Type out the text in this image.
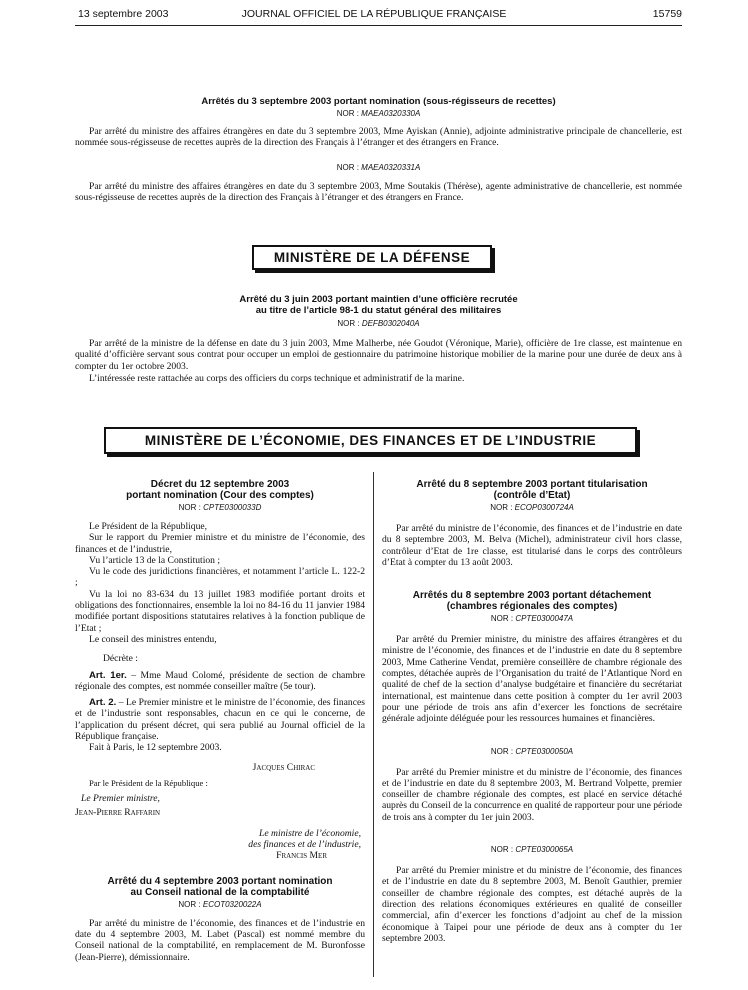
13 septembre 2003	JOURNAL OFFICIEL DE LA RÉPUBLIQUE FRANÇAISE	15759
Arrêtés du 3 septembre 2003 portant nomination (sous-régisseurs de recettes)
NOR : MAEA0320330A

Par arrêté du ministre des affaires étrangères en date du 3 septembre 2003, Mme Ayiskan (Annie), adjointe administrative principale de chancellerie, est nommée sous-régisseuse de recettes auprès de la direction des Français à l’étranger et des étrangers en France.

NOR : MAEA0320331A

Par arrêté du ministre des affaires étrangères en date du 3 septembre 2003, Mme Soutakis (Thérèse), agente administrative de chancellerie, est nommée sous-régisseuse de recettes auprès de la direction des Français à l’étranger et des étrangers en France.

MINISTÈRE DE LA DÉFENSE
Arrêté du 3 juin 2003 portant maintien d’une officière recrutée
au titre de l’article 98-1 du statut général des militaires
NOR : DEFB0302040A

Par arrêté de la ministre de la défense en date du 3 juin 2003, Mme Malherbe, née Goudot (Véronique, Marie), officière de 1re classe, est maintenue en qualité d’officière servant sous contrat pour occuper un emploi de gestionnaire du patrimoine historique mobilier de la marine pour une durée de deux ans à compter du 1er octobre 2003.

L’intéressée reste rattachée au corps des officiers du corps technique et administratif de la marine.

MINISTÈRE DE L’ÉCONOMIE, DES FINANCES ET DE L’INDUSTRIE
Décret du 12 septembre 2003
portant nomination (Cour des comptes)
NOR : CPTE0300033D

Le Président de la République,

Sur le rapport du Premier ministre et du ministre de l’économie, des finances et de l’industrie,

Vu l’article 13 de la Constitution ;

Vu le code des juridictions financières, et notamment l’article L. 122-2 ;

Vu la loi no 83-634 du 13 juillet 1983 modifiée portant droits et obligations des fonctionnaires, ensemble la loi no 84-16 du 11 janvier 1984 modifiée portant dispositions statutaires relatives à la fonction publique de l’Etat ;

Le conseil des ministres entendu,

Décrète :

Art. 1er. – Mme Maud Colomé, présidente de section de chambre régionale des comptes, est nommée conseiller maître (5e tour).

Art. 2. – Le Premier ministre et le ministre de l’économie, des finances et de l’industrie sont responsables, chacun en ce qui le concerne, de l’application du présent décret, qui sera publié au Journal officiel de la République française.

Fait à Paris, le 12 septembre 2003.

Jacques Chirac
Par le Président de la République :
Le Premier ministre,
Jean-Pierre Raffarin
Le ministre de l’économie,
des finances et de l’industrie,
Francis Mer
Arrêté du 4 septembre 2003 portant nomination
au Conseil national de la comptabilité
NOR : ECOT0320022A

Par arrêté du ministre de l’économie, des finances et de l’industrie en date du 4 septembre 2003, M. Labet (Pascal) est nommé membre du Conseil national de la comptabilité, en remplacement de M. Buronfosse (Jean-Pierre), démissionnaire.

Arrêté du 8 septembre 2003 portant titularisation
(contrôle d’Etat)
NOR : ECOP0300724A

Par arrêté du ministre de l’économie, des finances et de l’industrie en date du 8 septembre 2003, M. Belva (Michel), administrateur civil hors classe, contrôleur d’Etat de 1re classe, est titularisé dans le corps des contrôleurs d’Etat à compter du 13 août 2003.

Arrêtés du 8 septembre 2003 portant détachement
(chambres régionales des comptes)
NOR : CPTE0300047A

Par arrêté du Premier ministre, du ministre des affaires étrangères et du ministre de l’économie, des finances et de l’industrie en date du 8 septembre 2003, Mme Catherine Vendat, première conseillère de chambre régionale des comptes, détachée auprès de l’Organisation du traité de l’Atlantique Nord en qualité de chef de la section d’analyse budgétaire et financière du secrétariat international, est maintenue dans cette position à compter du 1er avril 2003 pour une période de trois ans afin d’exercer les fonctions de secrétaire générale adjointe déléguée pour les ressources humaines et financières.

NOR : CPTE0300050A

Par arrêté du Premier ministre et du ministre de l’économie, des finances et de l’industrie en date du 8 septembre 2003, M. Bertrand Volpette, premier conseiller de chambre régionale des comptes, est placé en service détaché auprès du Conseil de la concurrence en qualité de rapporteur pour une période de trois ans à compter du 1er juin 2003.

NOR : CPTE0300065A

Par arrêté du Premier ministre et du ministre de l’économie, des finances et de l’industrie en date du 8 septembre 2003, M. Benoît Gauthier, premier conseiller de chambre régionale des comptes, est détaché auprès de la direction des relations économiques extérieures en qualité de conseiller commercial, afin d’exercer les fonctions d’adjoint au chef de la mission économique à Taipei pour une période de deux ans à compter du 1er septembre 2003.
